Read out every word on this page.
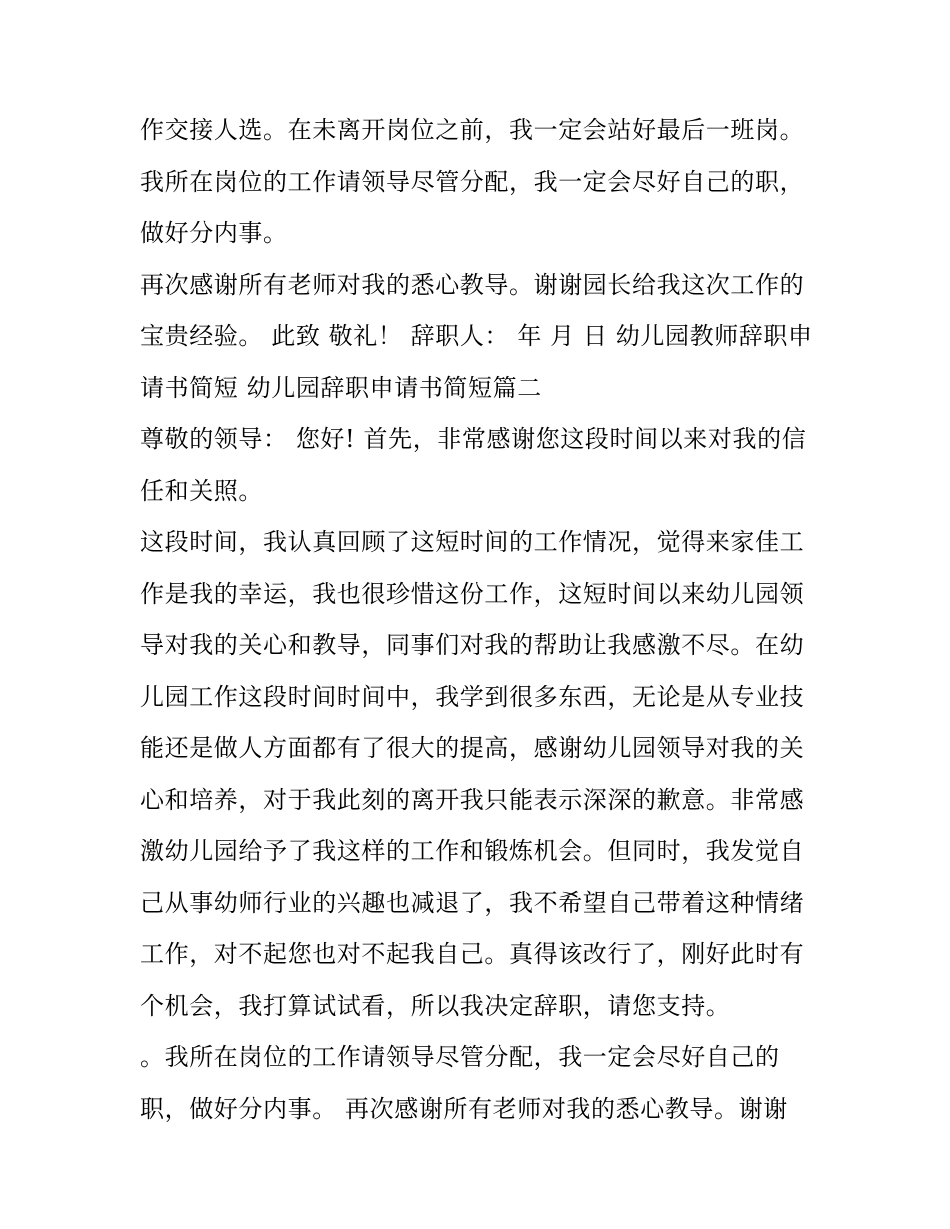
作交接人选。在未离开岗位之前，我一定会站好最后一班岗。
我所在岗位的工作请领导尽管分配，我一定会尽好自己的职，
做好分内事。
再次感谢所有老师对我的悉心教导。谢谢园长给我这次工作的
宝贵经验。 此致 敬礼！ 辞职人： 年 月 日 幼儿园教师辞职申
请书简短 幼儿园辞职申请书简短篇二
尊敬的领导： 您好! 首先，非常感谢您这段时间以来对我的信
任和关照。
这段时间，我认真回顾了这短时间的工作情况，觉得来家佳工
作是我的幸运，我也很珍惜这份工作，这短时间以来幼儿园领
导对我的关心和教导，同事们对我的帮助让我感激不尽。在幼
儿园工作这段时间时间中，我学到很多东西，无论是从专业技
能还是做人方面都有了很大的提高，感谢幼儿园领导对我的关
心和培养，对于我此刻的离开我只能表示深深的歉意。非常感
激幼儿园给予了我这样的工作和锻炼机会。但同时，我发觉自
己从事幼师行业的兴趣也减退了，我不希望自己带着这种情绪
工作，对不起您也对不起我自己。真得该改行了，刚好此时有
个机会，我打算试试看，所以我决定辞职，请您支持。
。我所在岗位的工作请领导尽管分配，我一定会尽好自己的
职，做好分内事。 再次感谢所有老师对我的悉心教导。谢谢
